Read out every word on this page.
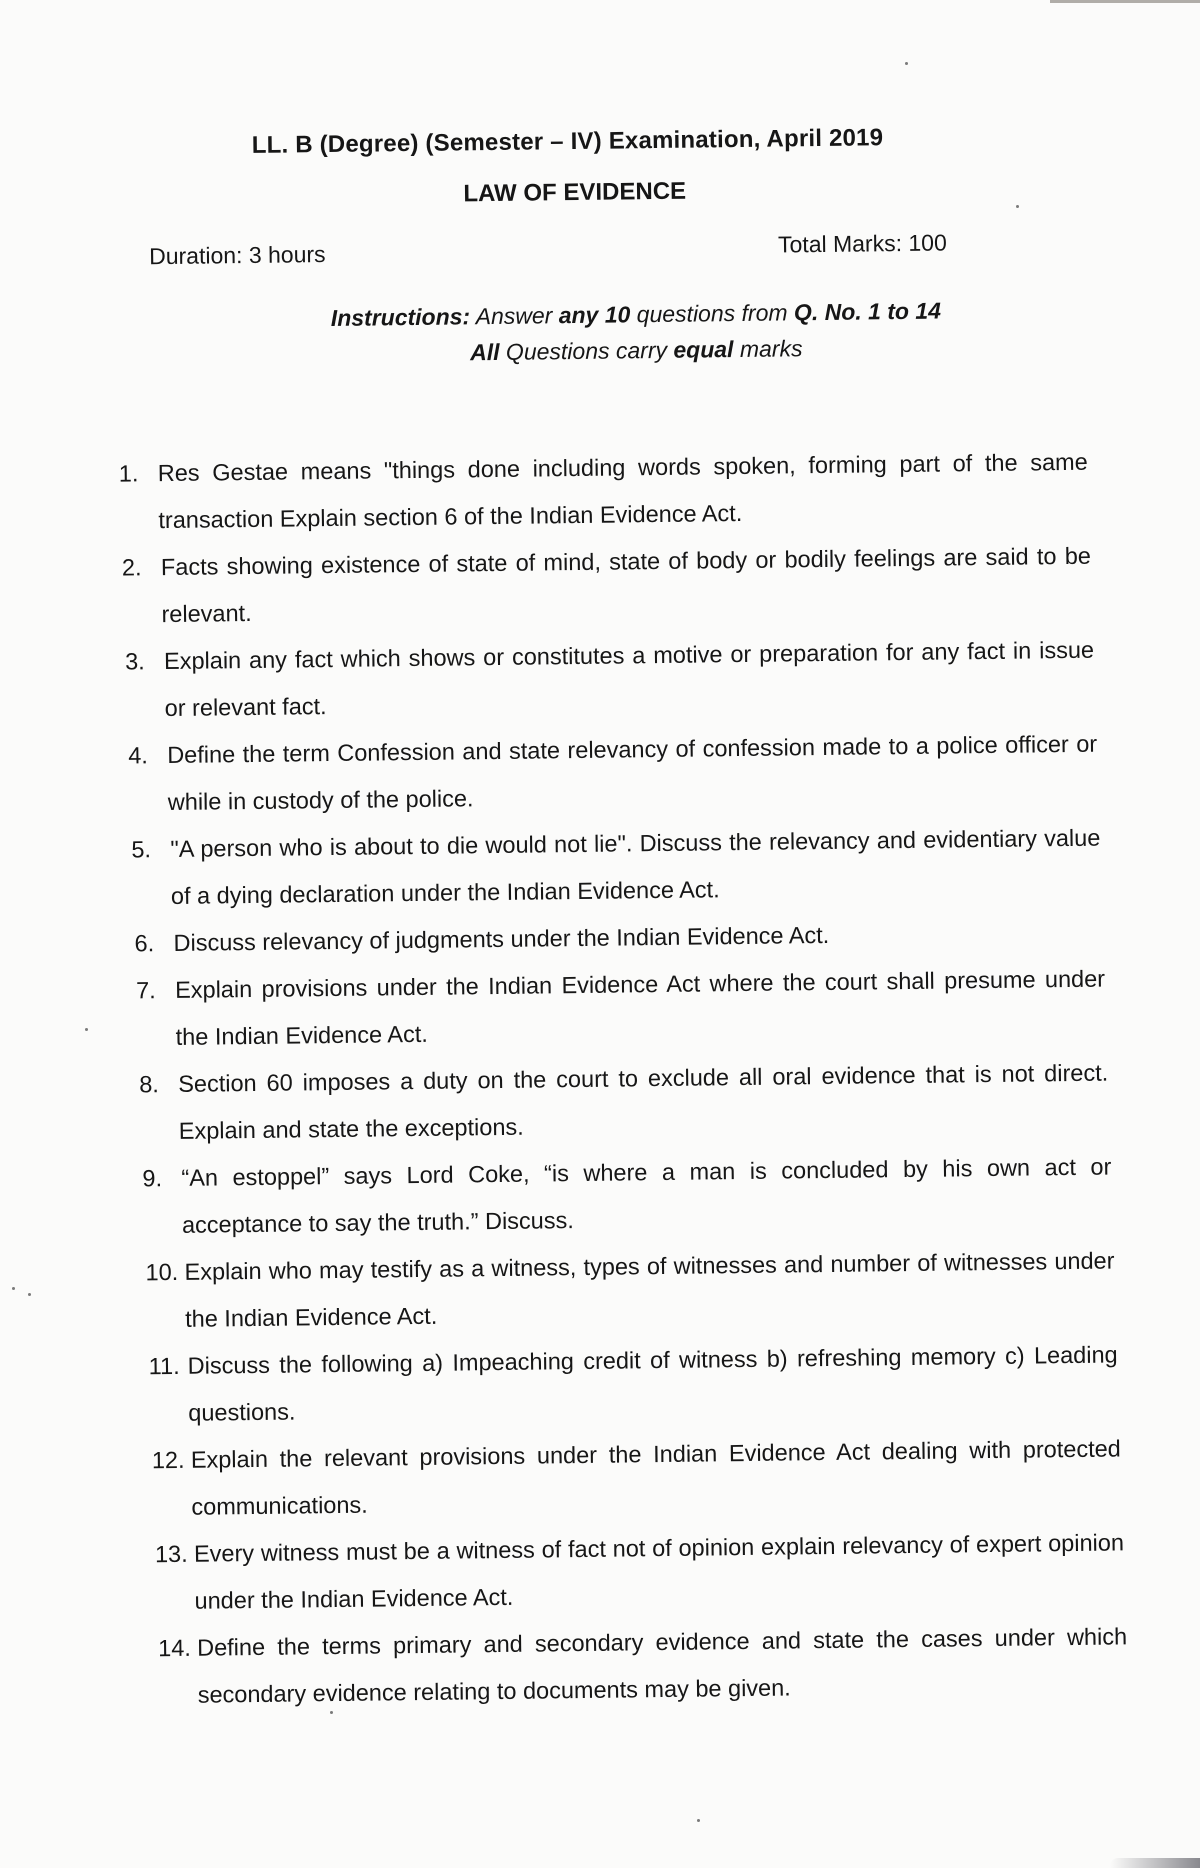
LL. B (Degree) (Semester – IV) Examination, April 2019
LAW OF EVIDENCE
Duration: 3 hours	Total Marks: 100
Instructions: Answer any 10 questions from Q. No. 1 to 14
All Questions carry equal marks
1. Res Gestae means "things done including words spoken, forming part of the same transaction Explain section 6 of the Indian Evidence Act.
2. Facts showing existence of state of mind, state of body or bodily feelings are said to be relevant.
3. Explain any fact which shows or constitutes a motive or preparation for any fact in issue or relevant fact.
4. Define the term Confession and state relevancy of confession made to a police officer or while in custody of the police.
5. "A person who is about to die would not lie". Discuss the relevancy and evidentiary value of a dying declaration under the Indian Evidence Act.
6. Discuss relevancy of judgments under the Indian Evidence Act.
7. Explain provisions under the Indian Evidence Act where the court shall presume under the Indian Evidence Act.
8. Section 60 imposes a duty on the court to exclude all oral evidence that is not direct. Explain and state the exceptions.
9. “An estoppel” says Lord Coke, “is where a man is concluded by his own act or acceptance to say the truth.” Discuss.
10. Explain who may testify as a witness, types of witnesses and number of witnesses under the Indian Evidence Act.
11. Discuss the following a) Impeaching credit of witness b) refreshing memory c) Leading questions.
12. Explain the relevant provisions under the Indian Evidence Act dealing with protected communications.
13. Every witness must be a witness of fact not of opinion explain relevancy of expert opinion under the Indian Evidence Act.
14. Define the terms primary and secondary evidence and state the cases under which secondary evidence relating to documents may be given.
